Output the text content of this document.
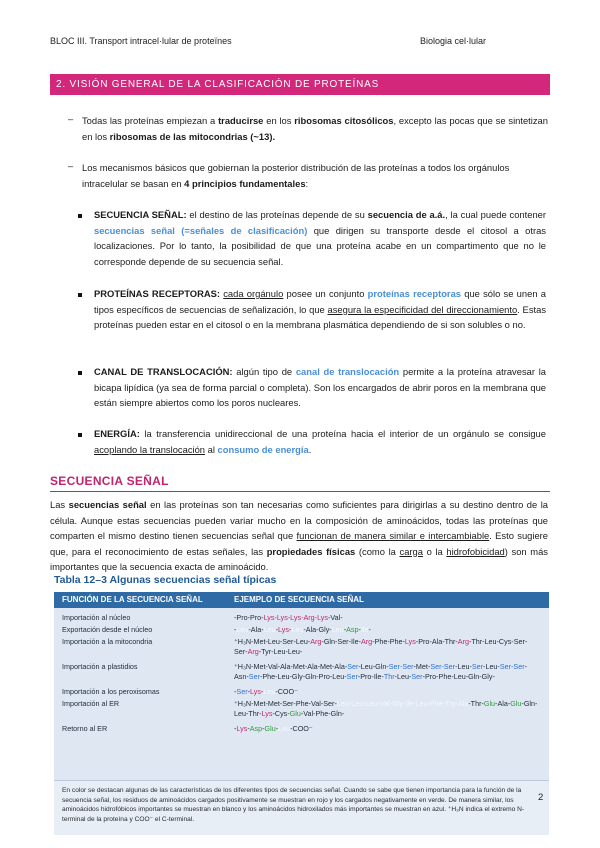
BLOC III. Transport intracel·lular de proteïnes	Biologia cel·lular
2. VISIÓN GENERAL DE LA CLASIFICACIÓN DE PROTEÍNAS
– Todas las proteínas empiezan a traducirse en los ribosomas citosólicos, excepto las pocas que se sintetizan en los ribosomas de las mitocondrias (~13).
– Los mecanismos básicos que gobiernan la posterior distribución de las proteínas a todos los orgánulos intracelular se basan en 4 principios fundamentales:
SECUENCIA SEÑAL: el destino de las proteínas depende de su secuencia de a.á., la cual puede contener secuencias señal (=señales de clasificación) que dirigen su transporte desde el citosol a otras localizaciones. Por lo tanto, la posibilidad de que una proteína acabe en un compartimento que no le corresponde depende de su secuencia señal.
PROTEÍNAS RECEPTORAS: cada orgánulo posee un conjunto proteínas receptoras que sólo se unen a tipos específicos de secuencias de señalización, lo que asegura la especificidad del direccionamiento. Estas proteínas pueden estar en el citosol o en la membrana plasmática dependiendo de si son solubles o no.
CANAL DE TRANSLOCACIÓN: algún tipo de canal de translocación permite a la proteína atravesar la bicapa lipídica (ya sea de forma parcial o completa). Son los encargados de abrir poros en la membrana que están siempre abiertos como los poros nucleares.
ENERGÍA: la transferencia unidireccional de una proteína hacia el interior de un orgánulo se consigue acoplando la translocación al consumo de energía.
SECUENCIA SEÑAL
Las secuencias señal en las proteínas son tan necesarias como suficientes para dirigirlas a su destino dentro de la célula. Aunque estas secuencias pueden variar mucho en la composición de aminoácidos, todas las proteínas que comparten el mismo destino tienen secuencias señal que funcionan de manera similar e intercambiable. Esto sugiere que, para el reconocimiento de estas señales, las propiedades físicas (como la carga o la hidrofobicidad) son más importantes que la secuencia exacta de aminoácido.
Tabla 12–3 Algunas secuencias señal típicas
FUNCIÓN DE LA SECUENCIA SEÑAL	EJEMPLO DE SECUENCIA SEÑAL
Importación al núcleo	-Pro-Pro-Lys-Lys-Lys-Arg-Lys-Val-
Exportación desde el núcleo	-Leu-Ala-Leu-Lys-Leu-Ala-Gly-Leu-Asp-Ile-
Importación a la mitocondria	⁺H₃N-Met-Leu-Ser-Leu-Arg-Gln-Ser-Ile-Arg-Phe-Phe-Lys-Pro-Ala-Thr-Arg-Thr-Leu-Cys-Ser-Ser-Arg-Tyr-Leu-Leu-
Importación a plastidios	⁺H₃N-Met-Val-Ala-Met-Ala-Met-Ala-Ser-Leu-Gln-Ser-Ser-Met-Ser-Ser-Leu-Ser-Leu-Ser-Ser-Asn-Ser-Phe-Leu-Gly-Gln-Pro-Leu-Ser-Pro-Ile-Thr-Leu-Ser-Pro-Phe-Leu-Gln-Gly-
Importación a los peroxisomas	-Ser-Lys-Leu-COO⁻
Importación al ER	⁺H₃N-Met-Met-Ser-Phe-Val-Ser-Leu-Leu-Leu-Val-Gly-Ile-Leu-Phe-Trp-Ala-Thr-Glu-Ala-Glu-Gln-Leu-Thr-Lys-Cys-Glu-Val-Phe-Gln-
Retorno al ER	-Lys-Asp-Glu-Leu-COO⁻
En color se destacan algunas de las características de los diferentes tipos de secuencias señal. Cuando se sabe que tienen importancia para la función de la secuencia señal, los residuos de aminoácidos cargados positivamente se muestran en rojo y los cargados negativamente en verde. De manera similar, los aminoácidos hidrofóbicos importantes se muestran en blanco y los aminoácidos hidroxilados más importantes se muestran en azul. ⁺H₃N indica el extremo N-terminal de la proteína y COO⁻ el C-terminal.
2
